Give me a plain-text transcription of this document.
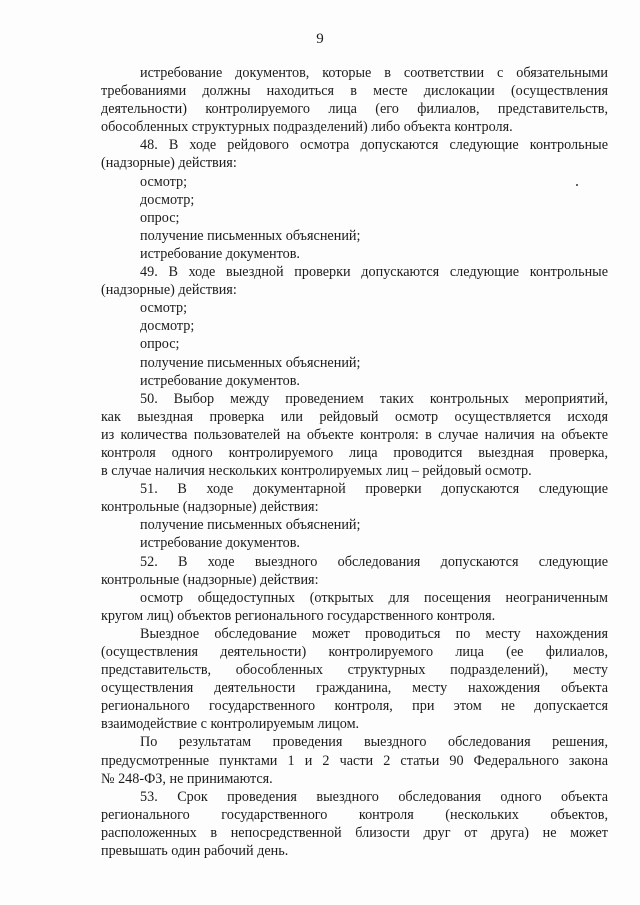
9
истребование документов, которые в соответствии с обязательными
требованиями должны находиться в месте дислокации (осуществления
деятельности) контролируемого лица (его филиалов, представительств,
обособленных структурных подразделений) либо объекта контроля.
48. В ходе рейдового осмотра допускаются следующие контрольные
(надзорные) действия:
осмотр;
досмотр;
опрос;
получение письменных объяснений;
истребование документов.
49. В ходе выездной проверки допускаются следующие контрольные
(надзорные) действия:
осмотр;
досмотр;
опрос;
получение письменных объяснений;
истребование документов.
50. Выбор между проведением таких контрольных мероприятий,
как выездная проверка или рейдовый осмотр осуществляется исходя
из количества пользователей на объекте контроля: в случае наличия на объекте
контроля одного контролируемого лица проводится выездная проверка,
в случае наличия нескольких контролируемых лиц – рейдовый осмотр.
51. В ходе документарной проверки допускаются следующие
контрольные (надзорные) действия:
получение письменных объяснений;
истребование документов.
52. В ходе выездного обследования допускаются следующие
контрольные (надзорные) действия:
осмотр общедоступных (открытых для посещения неограниченным
кругом лиц) объектов регионального государственного контроля.
Выездное обследование может проводиться по месту нахождения
(осуществления деятельности) контролируемого лица (ее филиалов,
представительств, обособленных структурных подразделений), месту
осуществления деятельности гражданина, месту нахождения объекта
регионального государственного контроля, при этом не допускается
взаимодействие с контролируемым лицом.
По результатам проведения выездного обследования решения,
предусмотренные пунктами 1 и 2 части 2 статьи 90 Федерального закона
№ 248-ФЗ, не принимаются.
53. Срок проведения выездного обследования одного объекта
регионального государственного контроля (нескольких объектов,
расположенных в непосредственной близости друг от друга) не может
превышать один рабочий день.
